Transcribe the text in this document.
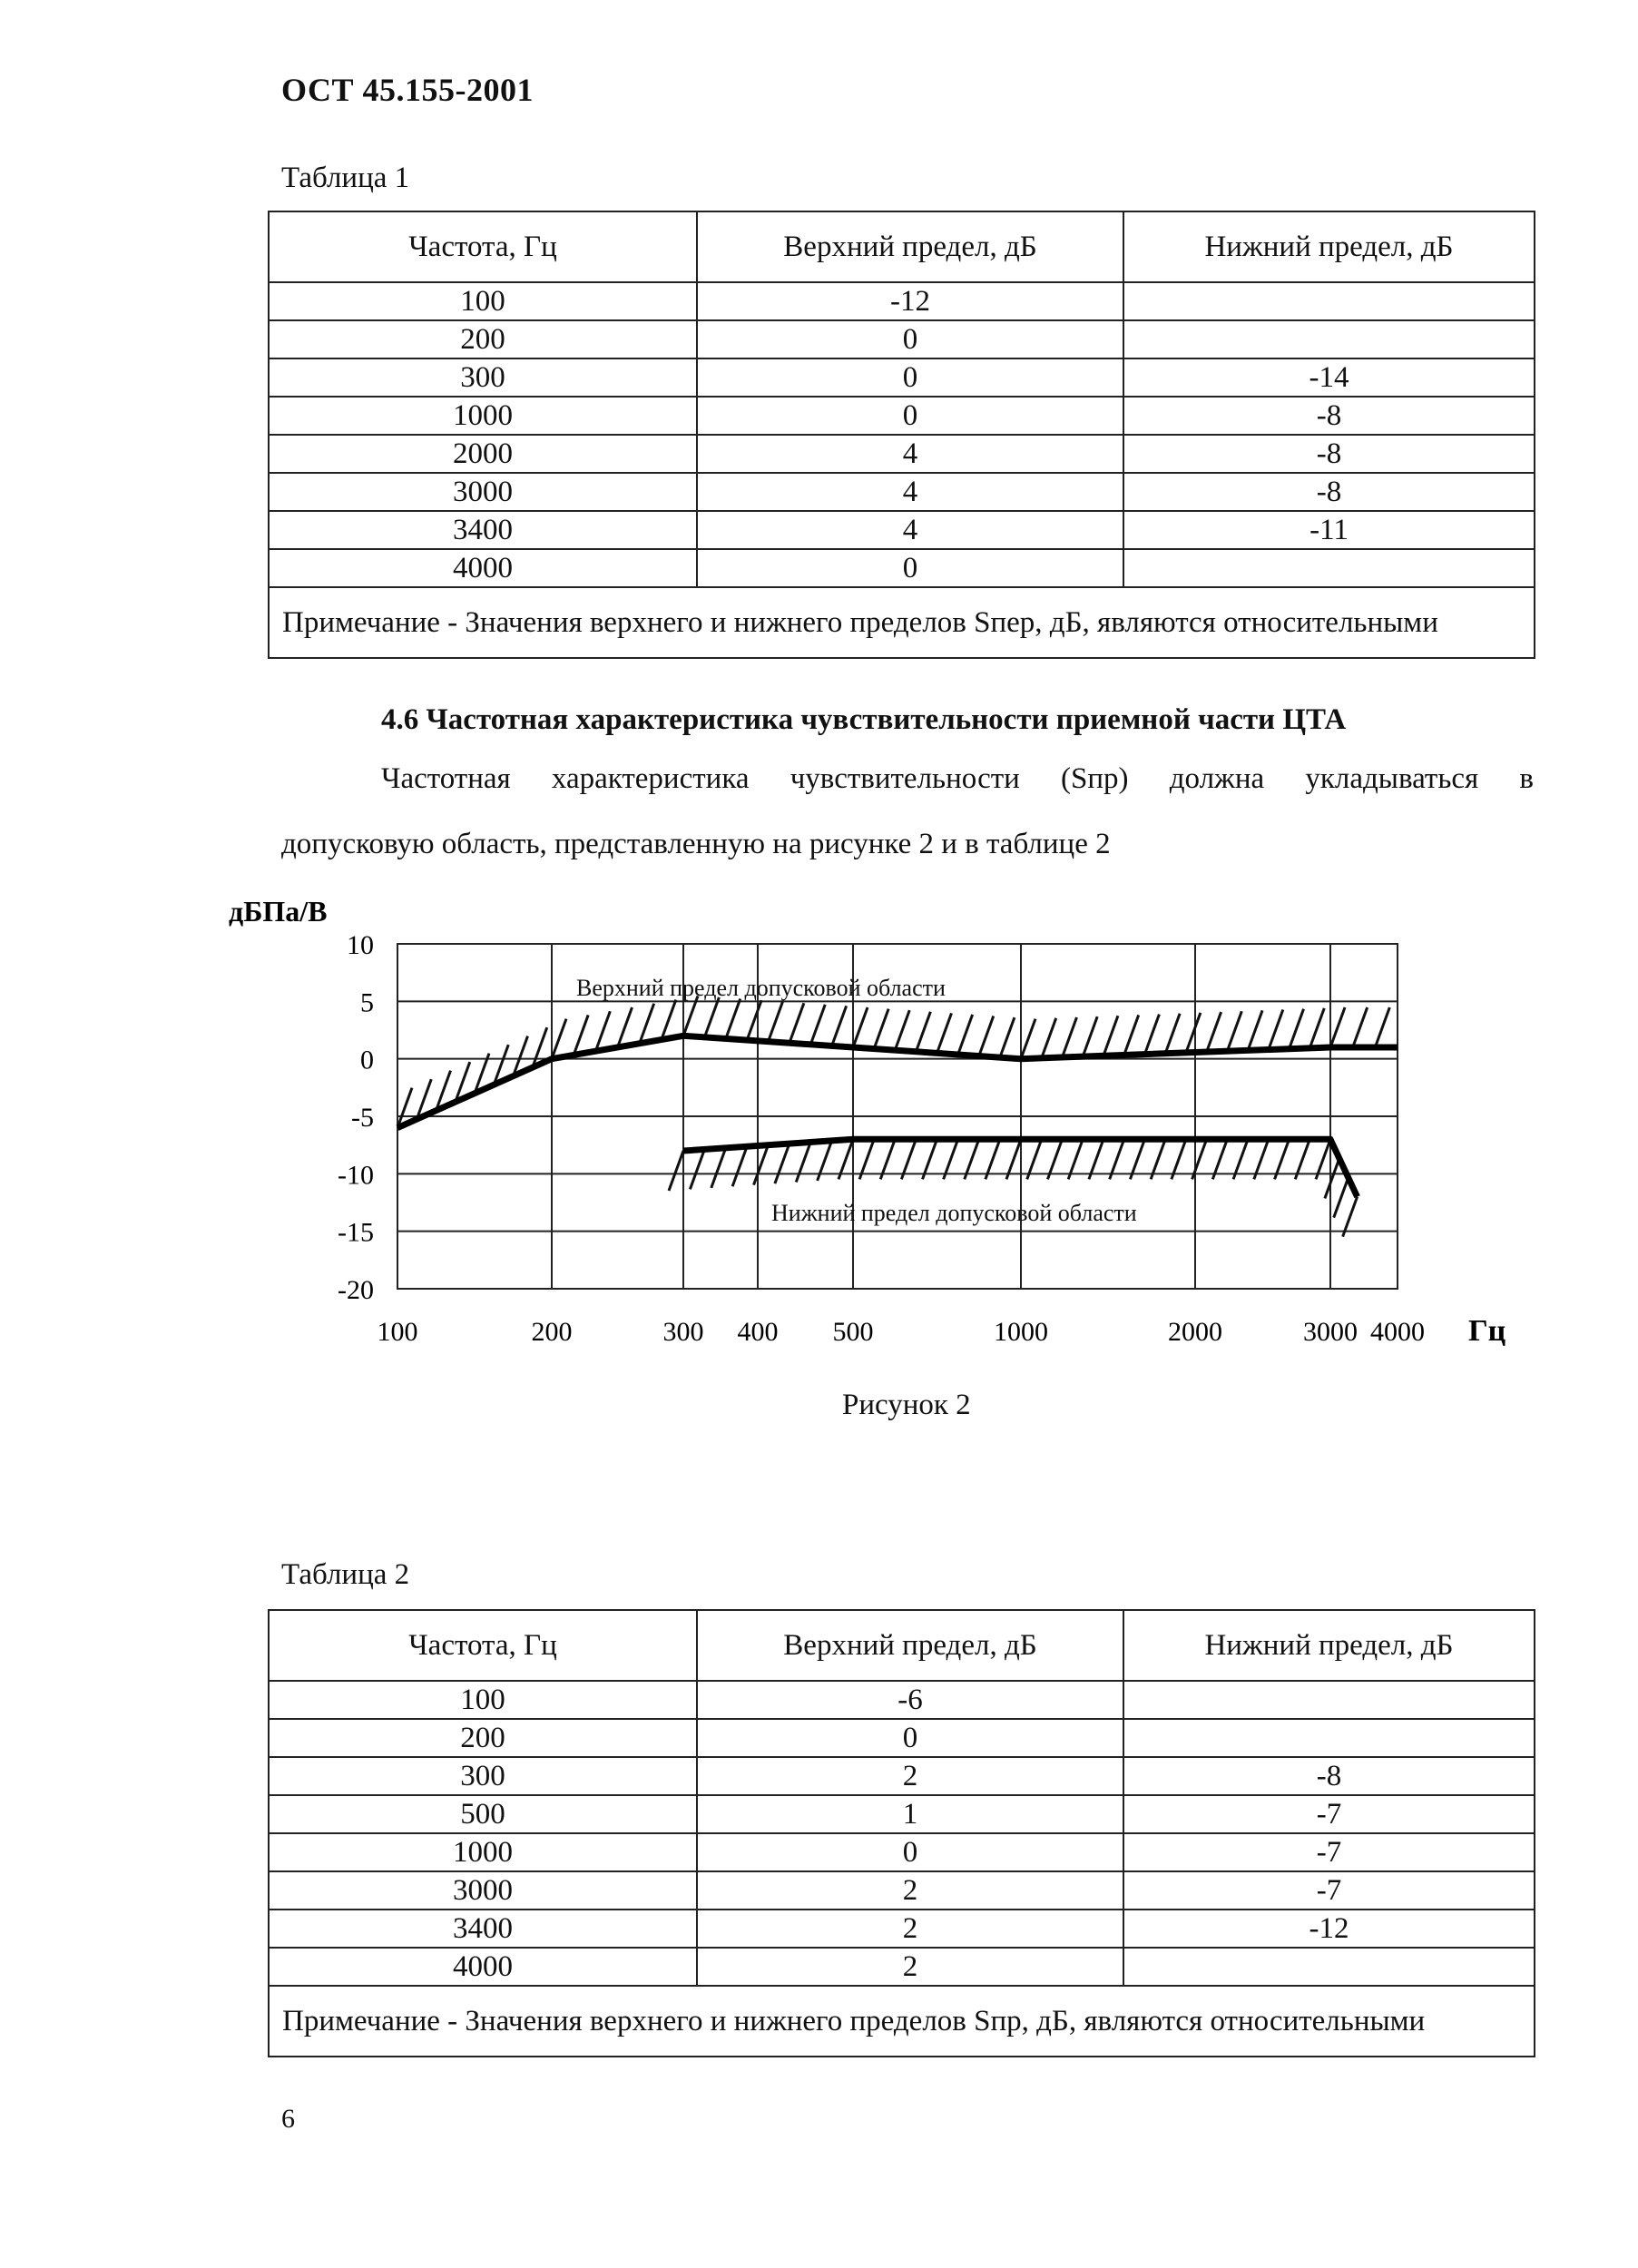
ОСТ 45.155-2001
Таблица 1
Частота, Гц	Верхний предел, дБ	Нижний предел, дБ
100	-12	
200	0	
300	0	-14
1000	0	-8
2000	4	-8
3000	4	-8
3400	4	-11
4000	0	
Примечание - Значения верхнего и нижнего пределов Sпер, дБ, являются относительными		
4.6 Частотная характеристика чувствительности приемной части ЦТА
Частотная характеристика чувствительности (Sпр) должна укладываться в
допусковую область, представленную на рисунке 2 и в таблице 2
дБПа/В
Гц
10
5
0
-5
-10
-15
-20
100	200	300 400 500	1000	2000	3000 4000
Верхний предел допусковой области
Нижний предел допусковой области
Рисунок 2
Таблица 2
Частота, Гц	Верхний предел, дБ	Нижний предел, дБ
100	-6	
200	0	
300	2	-8
500	1	-7
1000	0	-7
3000	2	-7
3400	2	-12
4000	2	
Примечание - Значения верхнего и нижнего пределов Sпр, дБ, являются относительными		
6
